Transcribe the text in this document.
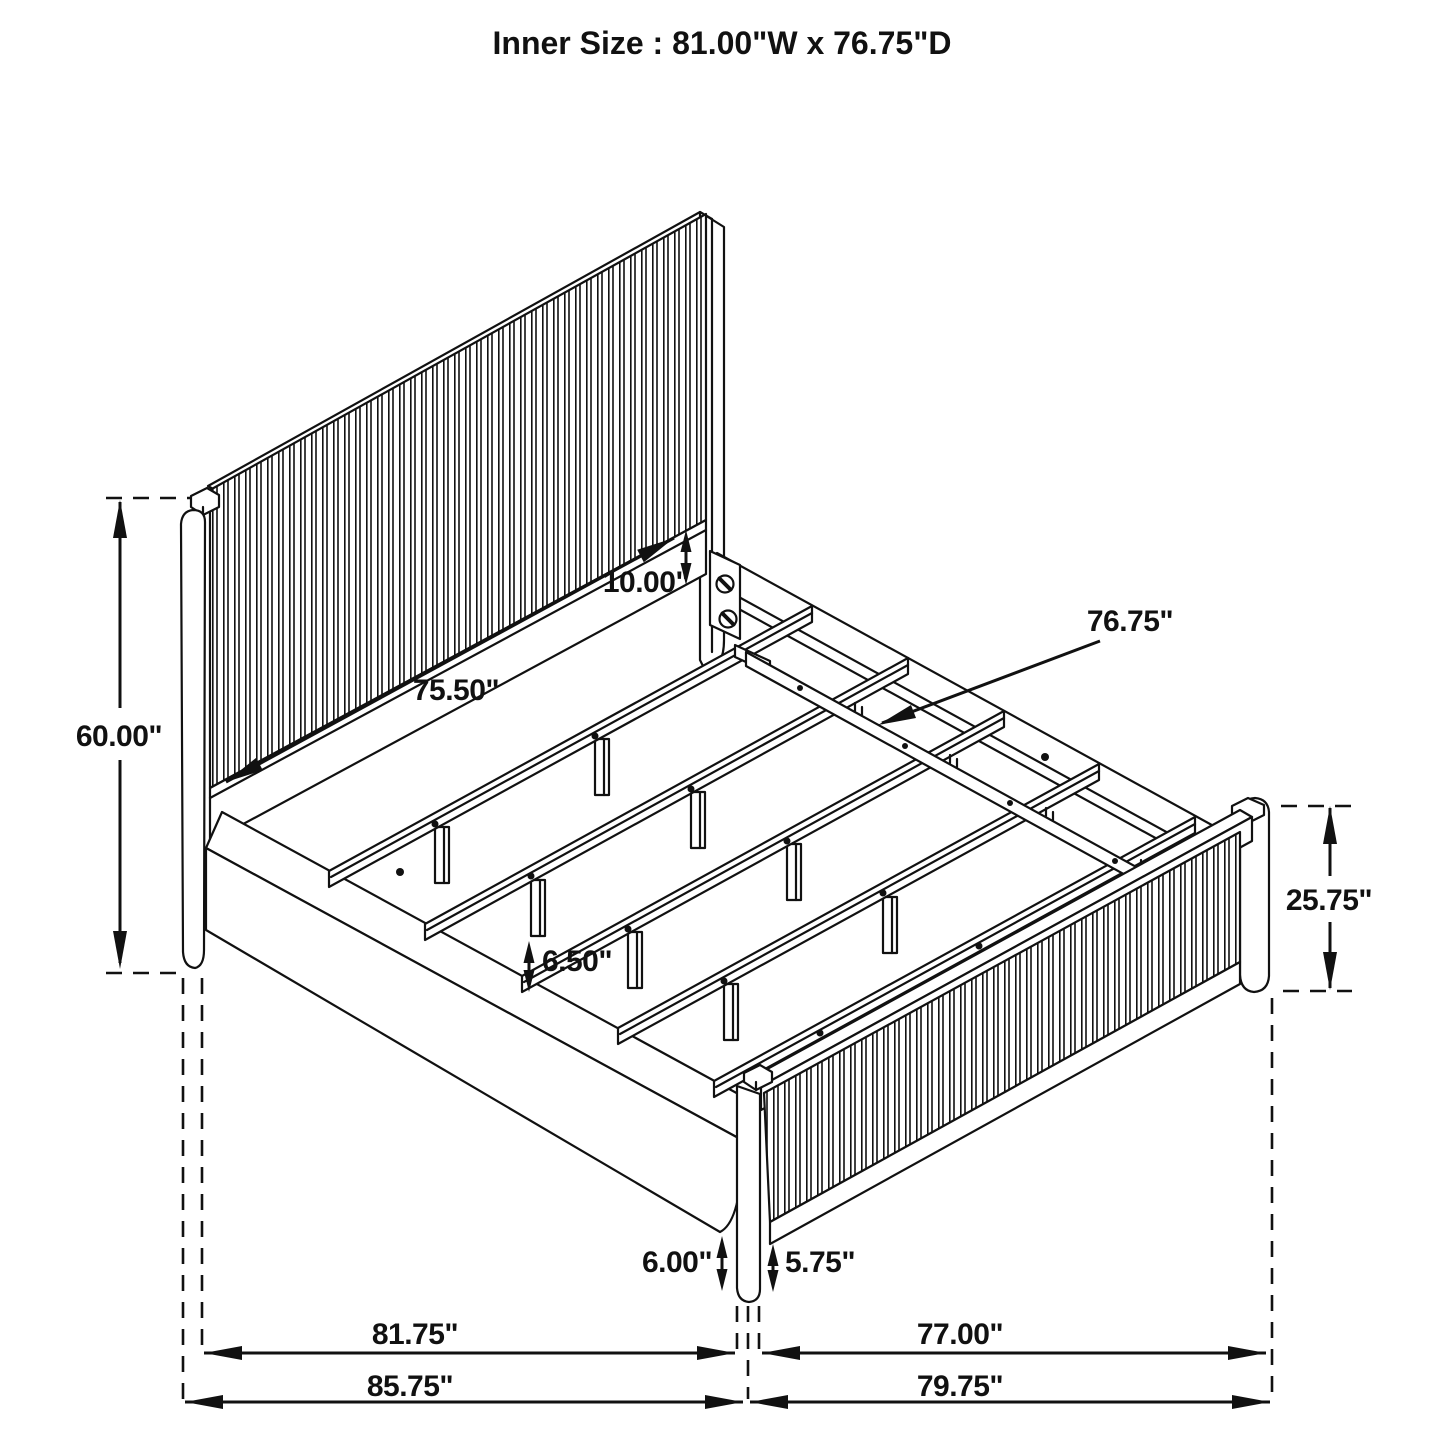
60.00"
75.50"
10.00"
76.75"
6.50"
25.75"
6.00" 5.75"
81.75"
85.75"
77.00"
79.75"
Inner Size : 81.00"W x 76.75"D
